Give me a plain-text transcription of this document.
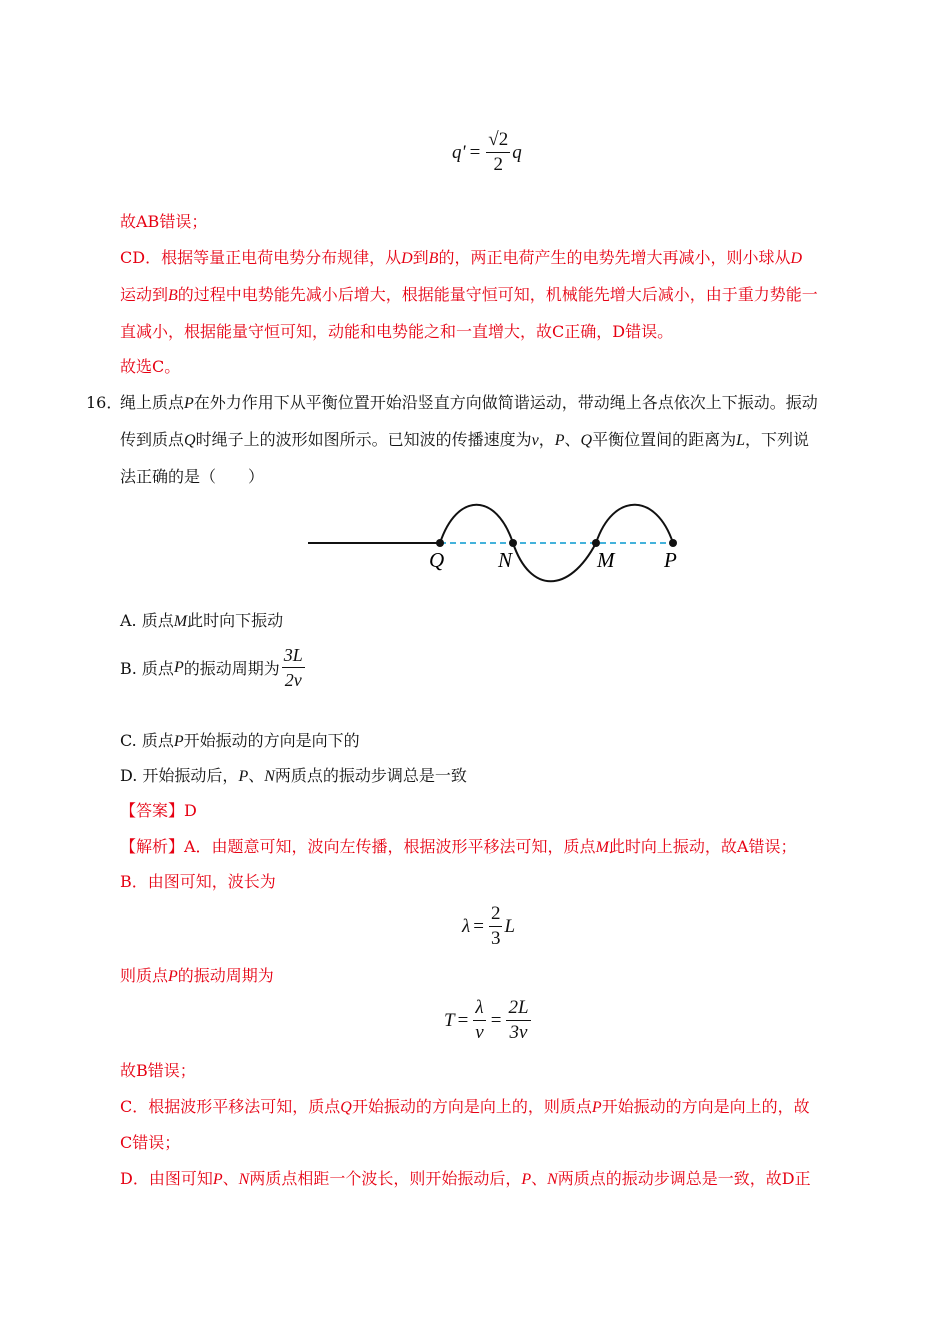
$q' = \frac{√2}{2}$ q
故AB错误；
CD．根据等量正电荷电势分布规律，从D到B的，两正电荷产生的电势先增大再减小，则小球从D
运动到B的过程中电势能先减小后增大，根据能量守恒可知，机械能先增大后减小，由于重力势能一
直减小，根据能量守恒可知，动能和电势能之和一直增大，故C正确，D错误。
故选C。
16．
绳上质点P在外力作用下从平衡位置开始沿竖直方向做简谐运动，带动绳上各点依次上下振动。振动
传到质点Q时绳子上的波形如图所示。已知波的传播速度为v，P、Q平衡位置间的距离为L，下列说
法正确的是（　　）
Q	N	M P
A. 质点M此时向下振动
B. 质点 P 的振动周期为 $\frac{3L}{2v}$
C. 质点P开始振动的方向是向下的
D. 开始振动后，P、N两质点的振动步调总是一致
【答案】D
【解析】A．由题意可知，波向左传播，根据波形平移法可知，质点M此时向上振动，故A错误；
B．由图可知，波长为
$\lambda = \frac{2}{3}$ L
则质点P的振动周期为
$T = \frac{\lambda}{v} = \frac{2L}{3v}$
故B错误；
C．根据波形平移法可知，质点Q开始振动的方向是向上的，则质点P开始振动的方向是向上的，故
C错误；
D．由图可知P、N两质点相距一个波长，则开始振动后，P、N两质点的振动步调总是一致，故D正
